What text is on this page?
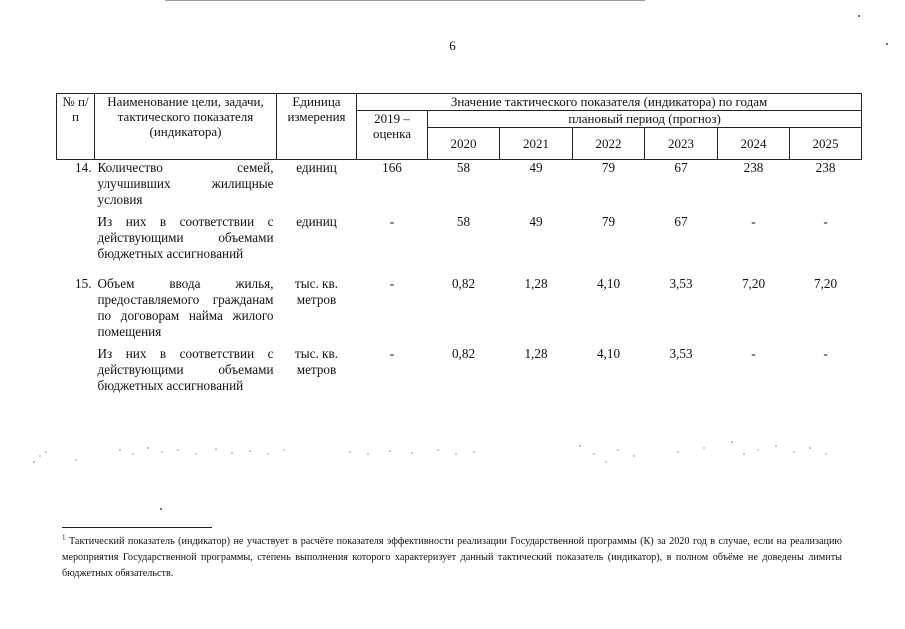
6
№ п/п	Наименование цели, задачи, тактического показателя (индикатора)	Единица измерения	Значение тактического показателя (индикатора) по годам						
			2019 – оценка	плановый период (прогноз)					
				2020	2021	2022	2023	2024	2025
14.	Количество семей, улучшивших жилищные условия	единиц	166	58	49	79	67	238	238

	Из них в соответствии с действующими объемами бюджетных ассигнований	единиц	-	58	49	79	67	-	-

15.	Объем ввода жилья, предоставляемого гражданам по договорам найма жилого помещения	тыс. кв. метров	-	0,82	1,28	4,10	3,53	7,20	7,20

	Из них в соответствии с действующими объемами бюджетных ассигнований	тыс. кв. метров	-	0,82	1,28	4,10	3,53	-	-
$^1$ Тактический показатель (индикатор) не участвует в расчёте показателя эффективности реализации Государственной программы (К) за 2020 год в случае, если на реализацию мероприятия Государственной программы, степень выполнения которого характеризует данный тактический показатель (индикатор), в полном объёме не доведены лимиты бюджетных обязательств.
